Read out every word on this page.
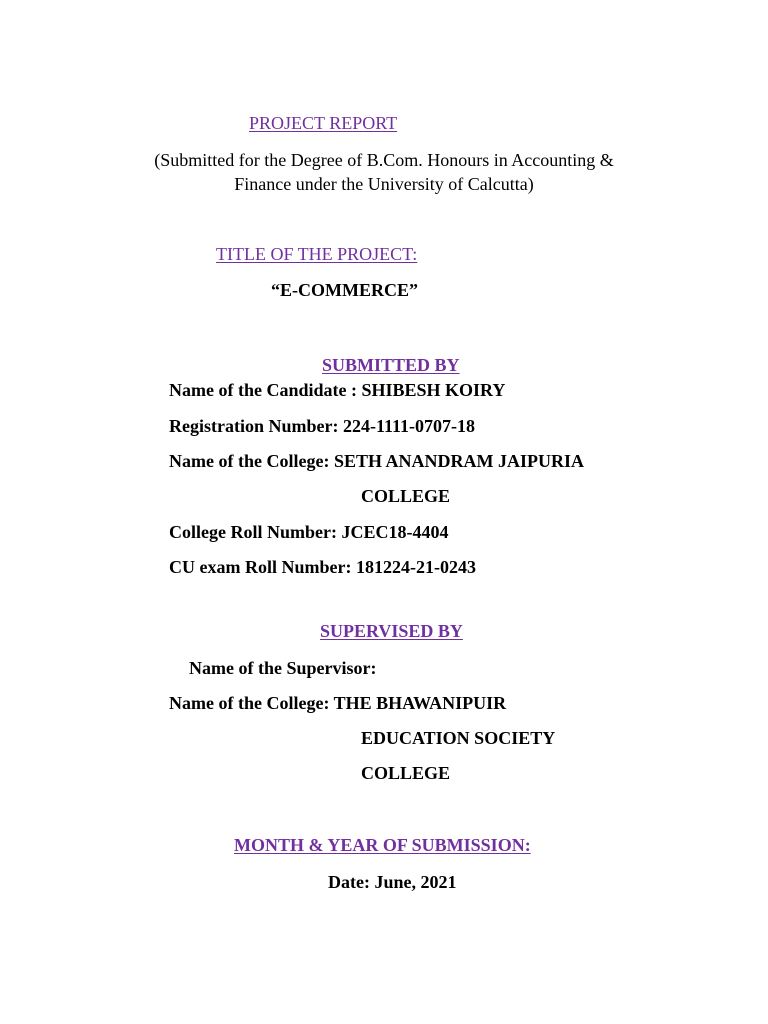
PROJECT REPORT
(Submitted for the Degree of B.Com. Honours in Accounting &
Finance under the University of Calcutta)
TITLE OF THE PROJECT:
“E-COMMERCE”
SUBMITTED BY
Name of the Candidate : SHIBESH KOIRY
Registration Number: 224-1111-0707-18
Name of the College: SETH ANANDRAM JAIPURIA
COLLEGE
College Roll Number: JCEC18-4404
CU exam Roll Number: 181224-21-0243
SUPERVISED BY
Name of the Supervisor:
Name of the College: THE BHAWANIPUIR
EDUCATION SOCIETY
COLLEGE
MONTH & YEAR OF SUBMISSION:
Date: June, 2021
